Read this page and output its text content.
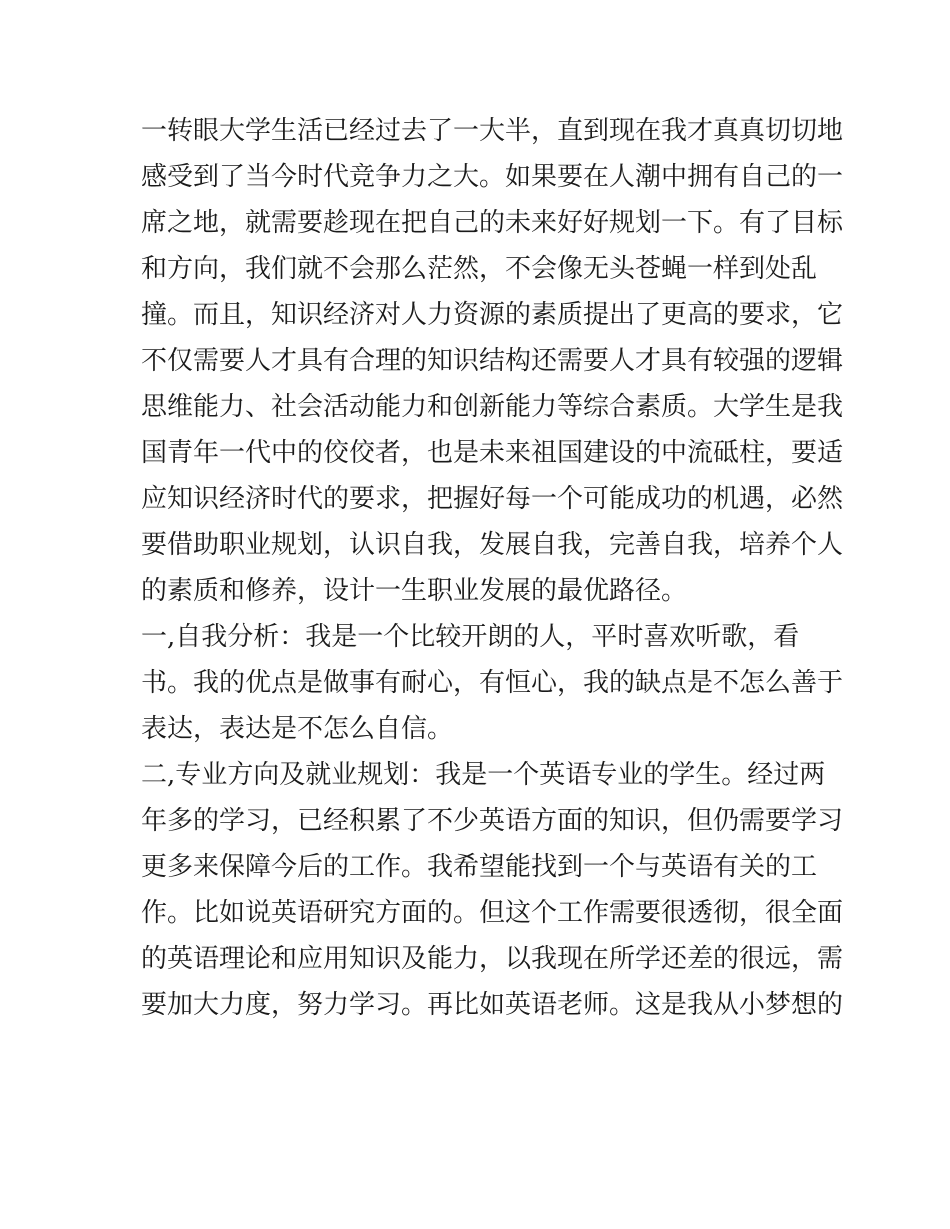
一转眼大学生活已经过去了一大半，直到现在我才真真切切地
感受到了当今时代竞争力之大。如果要在人潮中拥有自己的一
席之地，就需要趁现在把自己的未来好好规划一下。有了目标
和方向，我们就不会那么茫然，不会像无头苍蝇一样到处乱
撞。而且，知识经济对人力资源的素质提出了更高的要求，它
不仅需要人才具有合理的知识结构还需要人才具有较强的逻辑
思维能力、社会活动能力和创新能力等综合素质。大学生是我
国青年一代中的佼佼者，也是未来祖国建设的中流砥柱，要适
应知识经济时代的要求，把握好每一个可能成功的机遇，必然
要借助职业规划，认识自我，发展自我，完善自我，培养个人
的素质和修养，设计一生职业发展的最优路径。
一,自我分析：我是一个比较开朗的人，平时喜欢听歌，看
书。我的优点是做事有耐心，有恒心，我的缺点是不怎么善于
表达，表达是不怎么自信。
二,专业方向及就业规划：我是一个英语专业的学生。经过两
年多的学习，已经积累了不少英语方面的知识，但仍需要学习
更多来保障今后的工作。我希望能找到一个与英语有关的工
作。比如说英语研究方面的。但这个工作需要很透彻，很全面
的英语理论和应用知识及能力，以我现在所学还差的很远，需
要加大力度，努力学习。再比如英语老师。这是我从小梦想的
